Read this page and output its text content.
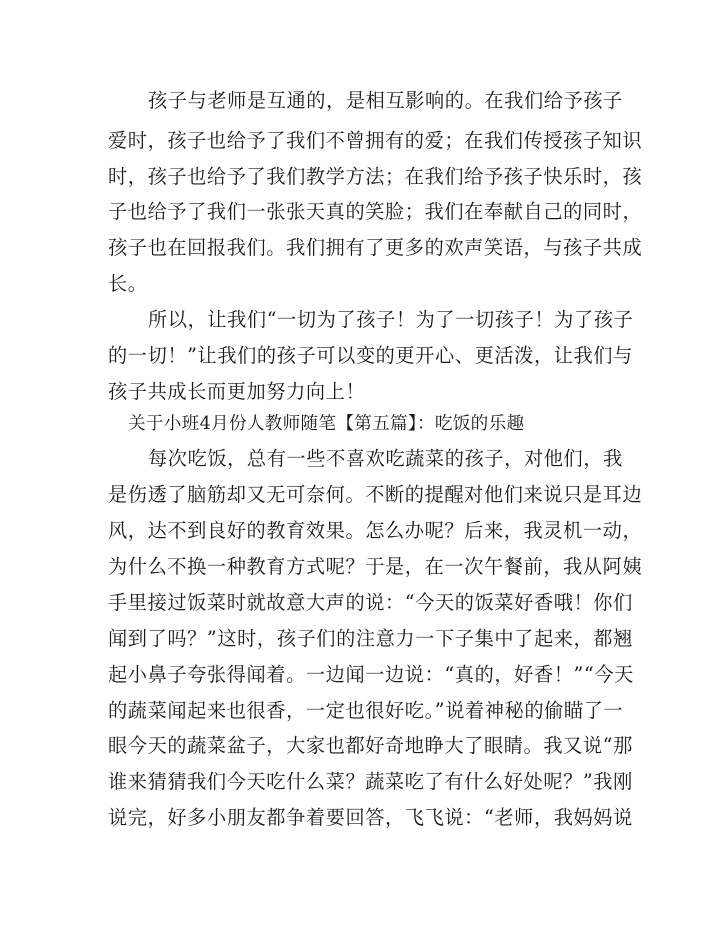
孩子与老师是互通的，是相互影响的。在我们给予孩子
爱时，孩子也给予了我们不曾拥有的爱；在我们传授孩子知识
时，孩子也给予了我们教学方法；在我们给予孩子快乐时，孩
子也给予了我们一张张天真的笑脸；我们在奉献自己的同时，
孩子也在回报我们。我们拥有了更多的欢声笑语，与孩子共成
长。
所以，让我们“一切为了孩子！为了一切孩子！为了孩子
的一切！”让我们的孩子可以变的更开心、更活泼，让我们与
孩子共成长而更加努力向上！
关于小班4月份人教师随笔【第五篇】：吃饭的乐趣
每次吃饭，总有一些不喜欢吃蔬菜的孩子，对他们，我
是伤透了脑筋却又无可奈何。不断的提醒对他们来说只是耳边
风，达不到良好的教育效果。怎么办呢？后来，我灵机一动，
为什么不换一种教育方式呢？于是，在一次午餐前，我从阿姨
手里接过饭菜时就故意大声的说：“今天的饭菜好香哦！你们
闻到了吗？”这时，孩子们的注意力一下子集中了起来，都翘
起小鼻子夸张得闻着。一边闻一边说：“真的，好香！”“今天
的蔬菜闻起来也很香，一定也很好吃。”说着神秘的偷瞄了一
眼今天的蔬菜盆子，大家也都好奇地睁大了眼睛。我又说“那
谁来猜猜我们今天吃什么菜？蔬菜吃了有什么好处呢？”我刚
说完，好多小朋友都争着要回答，飞飞说：“老师，我妈妈说
